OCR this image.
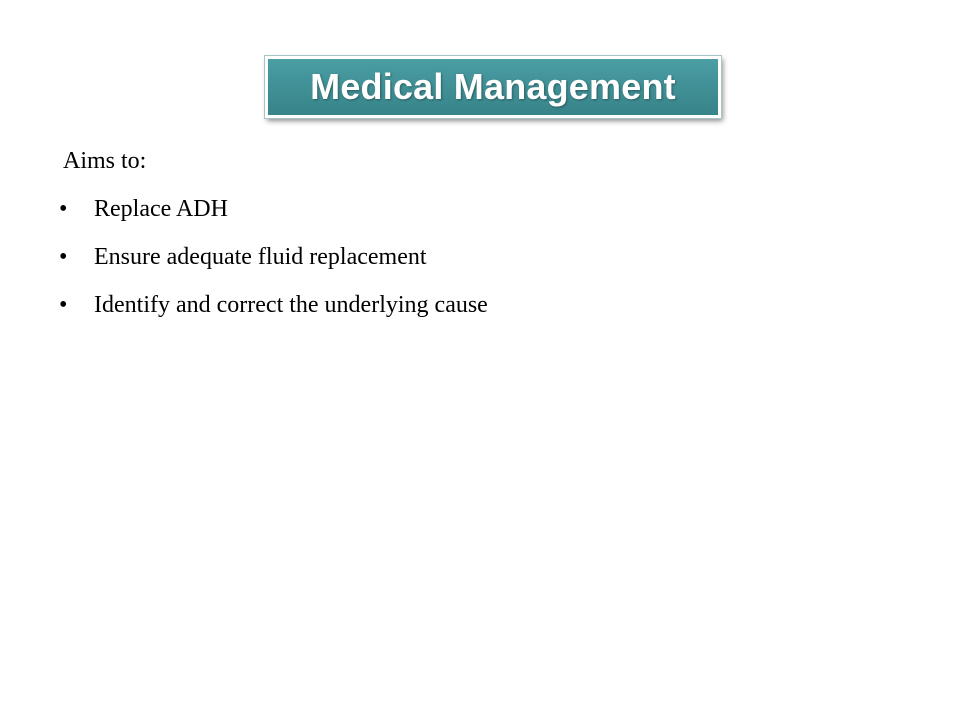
Medical Management
Aims to:
• Replace ADH
• Ensure adequate fluid replacement
• Identify and correct the underlying cause
